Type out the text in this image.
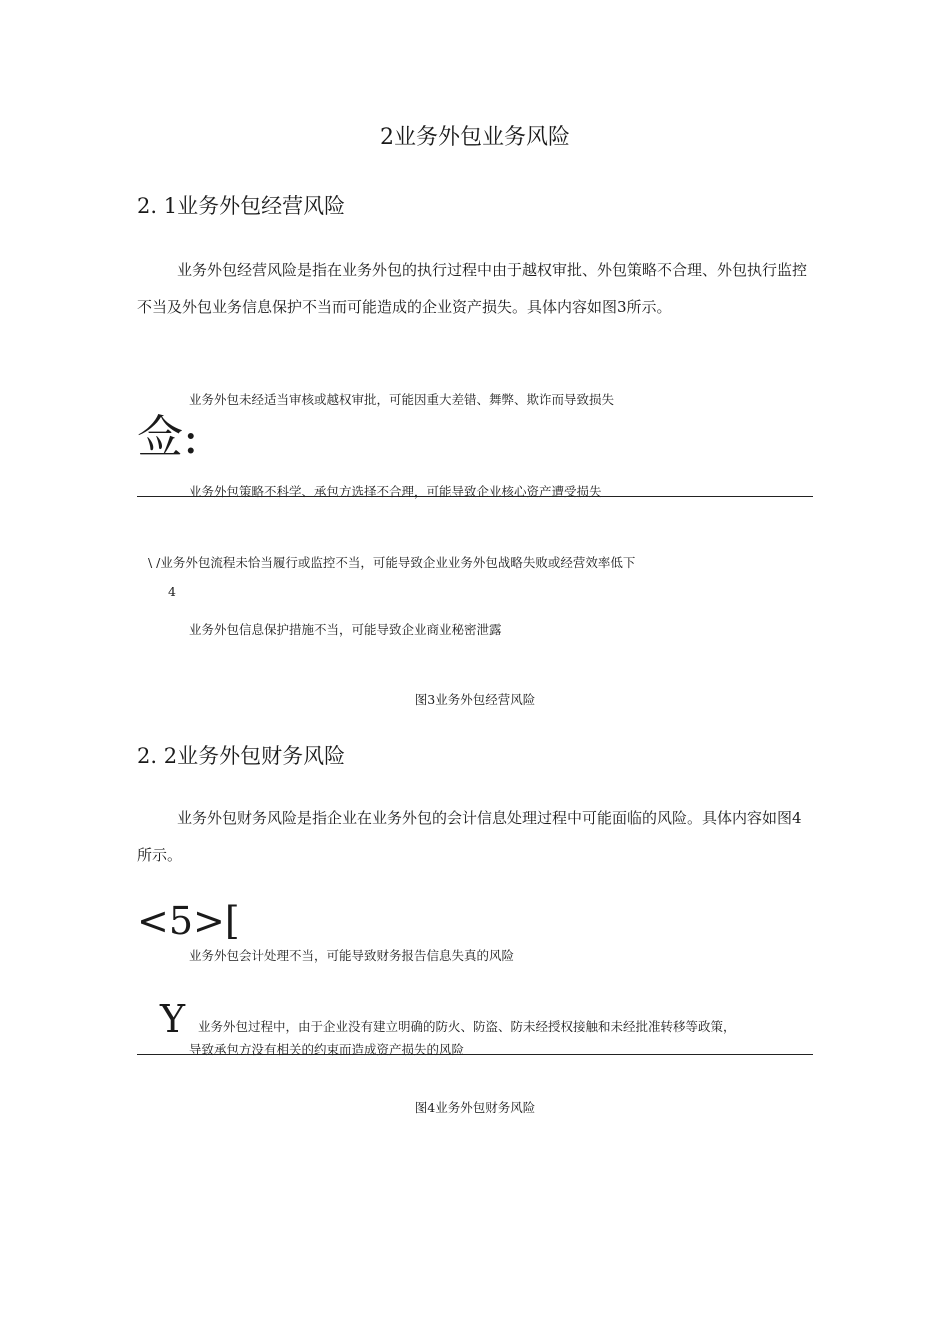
2业务外包业务风险
2. 1业务外包经营风险
业务外包经营风险是指在业务外包的执行过程中由于越权审批、外包策略不合理、外包执行监控不当及外包业务信息保护不当而可能造成的企业资产损失。具体内容如图3所示。
业务外包未经适当审核或越权审批，可能因重大差错、舞弊、欺诈而导致损失
佥:
业务外包策略不科学、承包方选择不合理，可能导致企业核心资产遭受损失
\ /业务外包流程未恰当履行或监控不当，可能导致企业业务外包战略失败或经营效率低下
4
业务外包信息保护措施不当，可能导致企业商业秘密泄露
图3业务外包经营风险
2. 2业务外包财务风险
业务外包财务风险是指企业在业务外包的会计信息处理过程中可能面临的风险。具体内容如图4所示。
<5>[
业务外包会计处理不当，可能导致财务报告信息失真的风险
Y 业务外包过程中，由于企业没有建立明确的防火、防盗、防未经授权接触和未经批准转移等政策，
导致承包方没有相关的约束而造成资产损失的风险
图4业务外包财务风险
